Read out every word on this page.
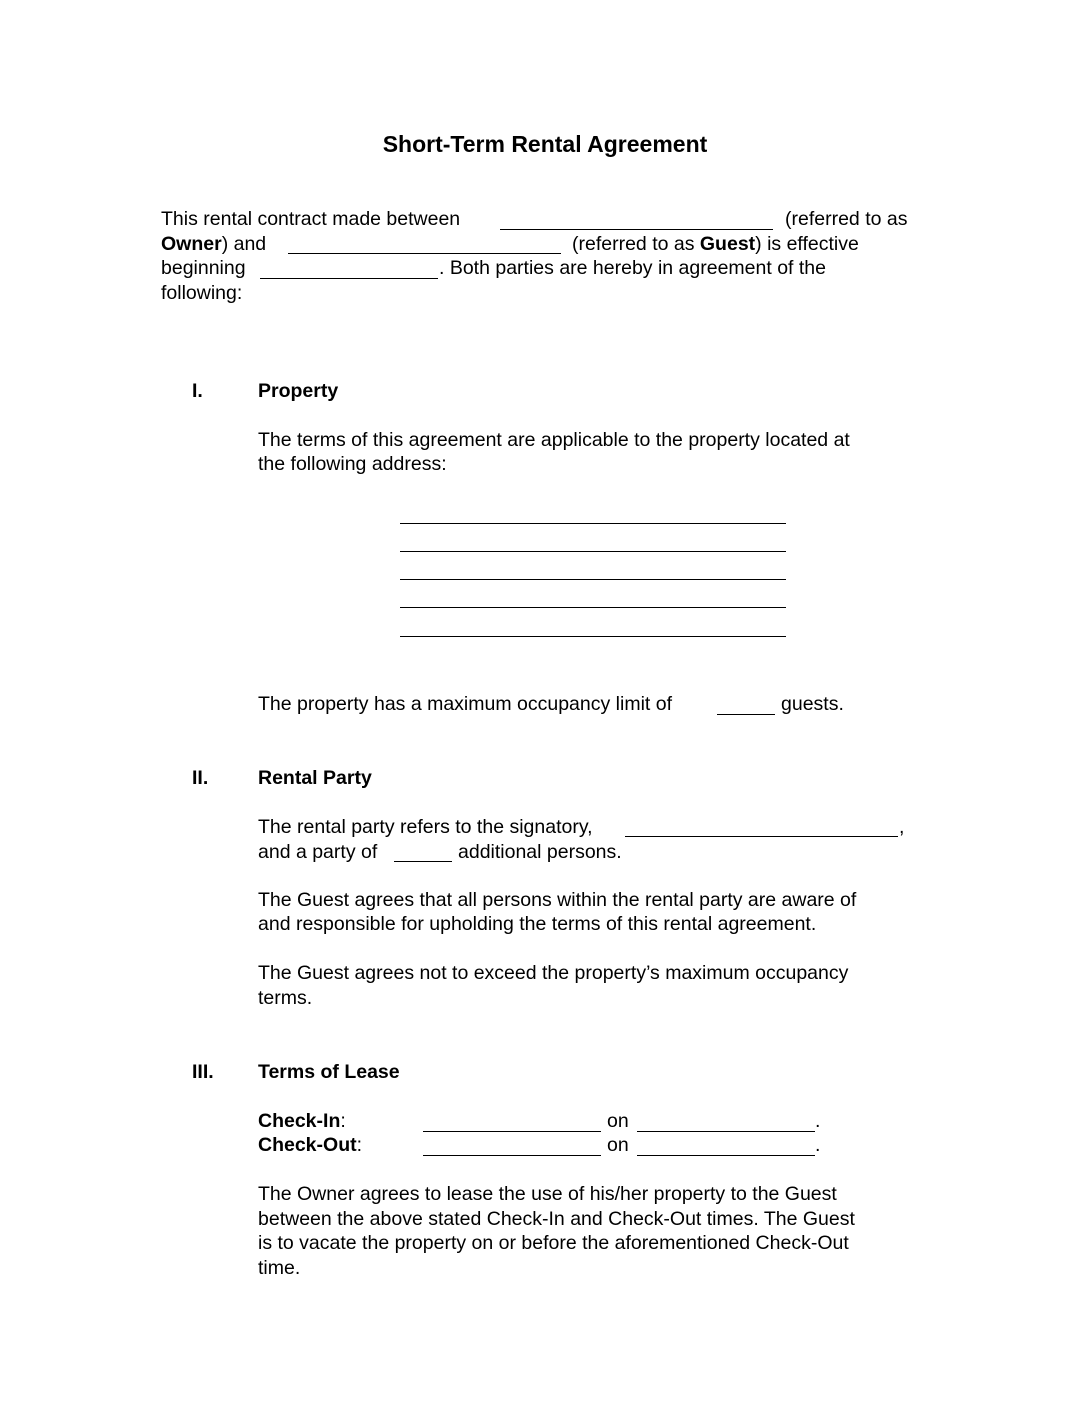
Short-Term Rental Agreement
This rental contract made between	(referred to as
Owner) and	(referred to as Guest) is effective
beginning	. Both parties are hereby in agreement of the
following:
I.	Property
The terms of this agreement are applicable to the property located at
the following address:
The property has a maximum occupancy limit of	guests.
II.	Rental Party
The rental party refers to the signatory,	,
and a party of	additional persons.
The Guest agrees that all persons within the rental party are aware of
and responsible for upholding the terms of this rental agreement.
The Guest agrees not to exceed the property’s maximum occupancy
terms.
III. Terms of Lease
Check-In:	on	.
Check-Out:	on	.
The Owner agrees to lease the use of his/her property to the Guest
between the above stated Check-In and Check-Out times. The Guest
is to vacate the property on or before the aforementioned Check-Out
time.
